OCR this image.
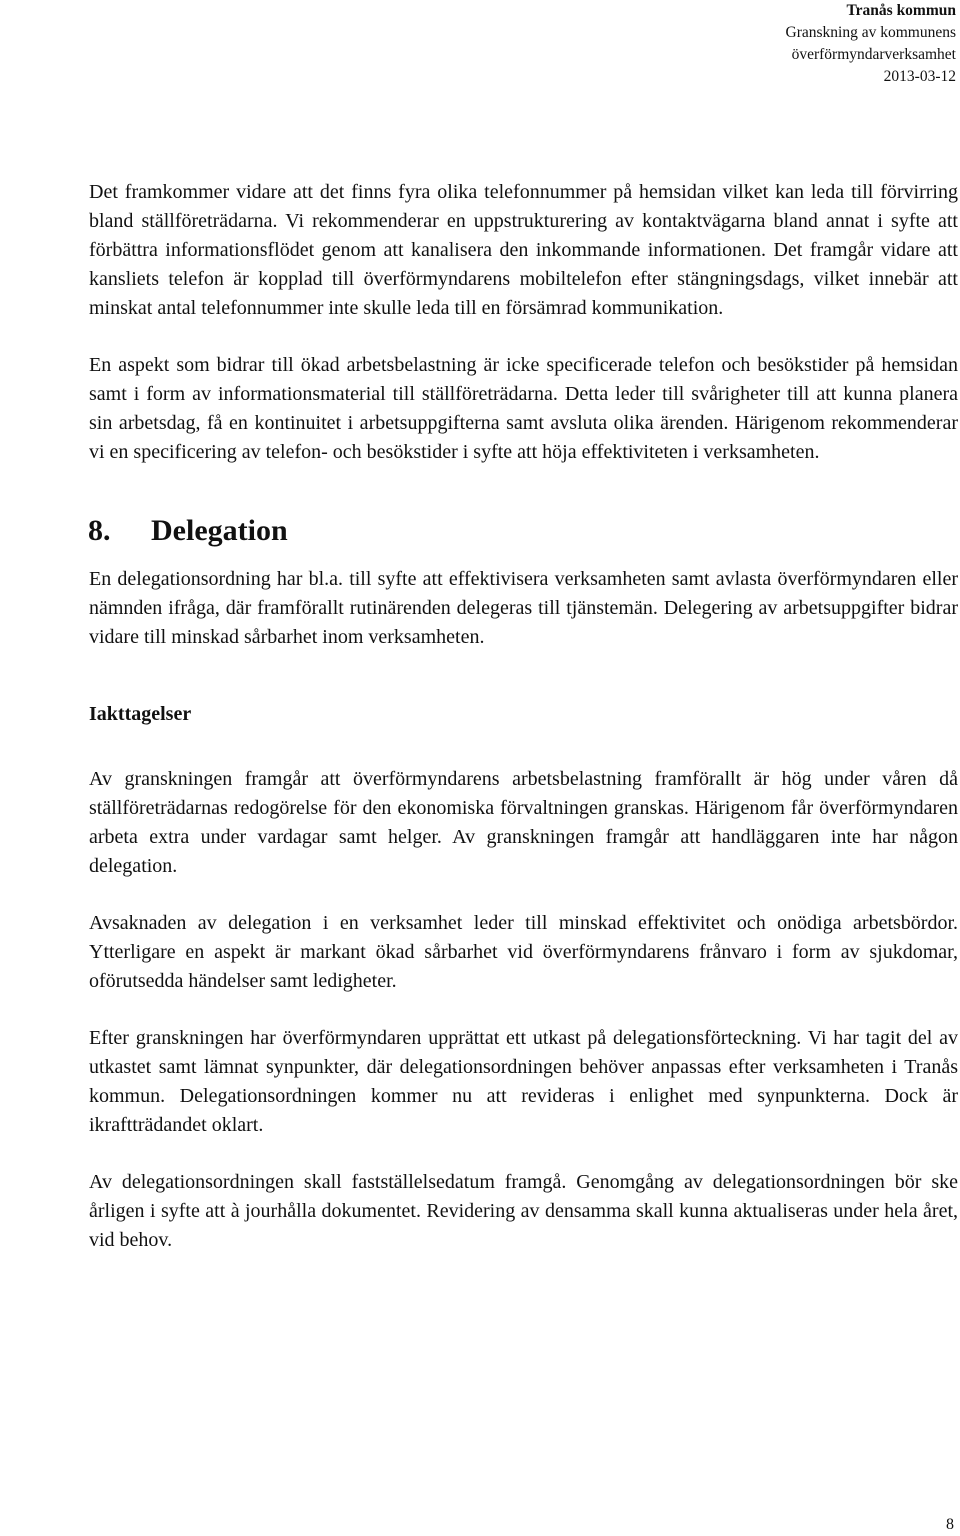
Tranås kommun
Granskning av kommunens
överförmyndarverksamhet
2013-03-12

Det framkommer vidare att det finns fyra olika telefonnummer på hemsidan vilket kan leda till förvirring bland ställföreträdarna. Vi rekommenderar en uppstrukturering av kontaktvägarna bland annat i syfte att förbättra informationsflödet genom att kanalisera den inkommande informationen. Det framgår vidare att kansliets telefon är kopplad till överförmyndarens mobiltelefon efter stängningsdags, vilket innebär att minskat antal telefonnummer inte skulle leda till en försämrad kommunikation.

En aspekt som bidrar till ökad arbetsbelastning är icke specificerade telefon och besökstider på hemsidan samt i form av informationsmaterial till ställföreträdarna. Detta leder till svårigheter till att kunna planera sin arbetsdag, få en kontinuitet i arbetsuppgifterna samt avsluta olika ärenden. Härigenom rekommenderar vi en specificering av telefon- och besökstider i syfte att höja effektiviteten i verksamheten.

8. Delegation

En delegationsordning har bl.a. till syfte att effektivisera verksamheten samt avlasta överförmyndaren eller nämnden ifråga, där framförallt rutinärenden delegeras till tjänstemän. Delegering av arbetsuppgifter bidrar vidare till minskad sårbarhet inom verksamheten.

Iakttagelser

Av granskningen framgår att överförmyndarens arbetsbelastning framförallt är hög under våren då ställföreträdarnas redogörelse för den ekonomiska förvaltningen granskas. Härigenom får överförmyndaren arbeta extra under vardagar samt helger. Av granskningen framgår att handläggaren inte har någon delegation.

Avsaknaden av delegation i en verksamhet leder till minskad effektivitet och onödiga arbetsbördor. Ytterligare en aspekt är markant ökad sårbarhet vid överförmyndarens frånvaro i form av sjukdomar, oförutsedda händelser samt ledigheter.

Efter granskningen har överförmyndaren upprättat ett utkast på delegationsförteckning. Vi har tagit del av utkastet samt lämnat synpunkter, där delegationsordningen behöver anpassas efter verksamheten i Tranås kommun. Delegationsordningen kommer nu att revideras i enlighet med synpunkterna. Dock är ikraftträdandet oklart.

Av delegationsordningen skall fastställelsedatum framgå. Genomgång av delegationsordningen bör ske årligen i syfte att à jourhålla dokumentet. Revidering av densamma skall kunna aktualiseras under hela året, vid behov.

8
